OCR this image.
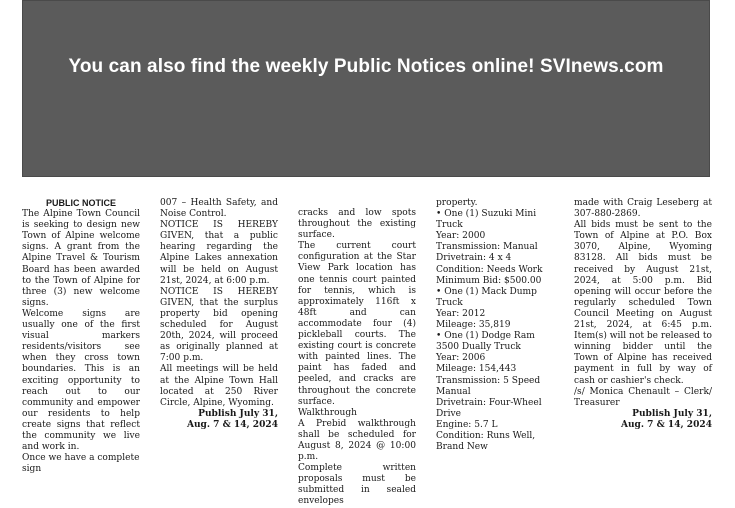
You can also find the weekly Public Notices online! SVInews.com

PUBLIC NOTICE

The Alpine Town Council is seeking to design new Town of Alpine welcome signs. A grant from the Alpine Travel & Tourism Board has been awarded to the Town of Alpine for three (3) new welcome signs.

Welcome signs are usually one of the first visual markers residents/visitors see when they cross town boundaries. This is an exciting opportunity to reach out to our community and empower our residents to help create signs that reflect the community we live and work in.

Once we have a complete sign

007 – Health Safety, and Noise Control.

NOTICE IS HEREBY GIVEN, that a public hearing regarding the Alpine Lakes annexation will be held on August 21st, 2024, at 6:00 p.m.

NOTICE IS HEREBY GIVEN, that the surplus property bid opening scheduled for August 20th, 2024, will proceed as originally planned at 7:00 p.m.

All meetings will be held at the Alpine Town Hall located at 250 River Circle, Alpine, Wyoming.

Publish July 31,

Aug. 7 & 14, 2024

cracks and low spots throughout the existing surface.

The current court configuration at the Star View Park location has one tennis court painted for tennis, which is approximately 116ft x 48ft and can accommodate four (4) pickleball courts. The existing court is concrete with painted lines. The paint has faded and peeled, and cracks are throughout the concrete surface.

Walkthrough

A Prebid walkthrough shall be scheduled for August 8, 2024 @ 10:00 p.m.

Complete written proposals must be submitted in sealed envelopes

property.

• One (1) Suzuki Mini Truck

Year: 2000

Transmission: Manual

Drivetrain: 4 x 4

Condition: Needs Work

Minimum Bid: $500.00

• One (1) Mack Dump Truck

Year: 2012

Mileage: 35,819

• One (1) Dodge Ram 3500 Dually Truck

Year: 2006

Mileage: 154,443

Transmission: 5 Speed Manual

Drivetrain: Four-Wheel Drive

Engine: 5.7 L

Condition: Runs Well, Brand New

made with Craig Leseberg at 307-880-2869.

All bids must be sent to the Town of Alpine at P.O. Box 3070, Alpine, Wyoming 83128. All bids must be received by August 21st, 2024, at 5:00 p.m. Bid opening will occur before the regularly scheduled Town Council Meeting on August 21st, 2024, at 6:45 p.m. Item(s) will not be released to winning bidder until the Town of Alpine has received payment in full by way of cash or cashier's check.

/s/ Monica Chenault – Clerk/ Treasurer

Publish July 31,

Aug. 7 & 14, 2024
